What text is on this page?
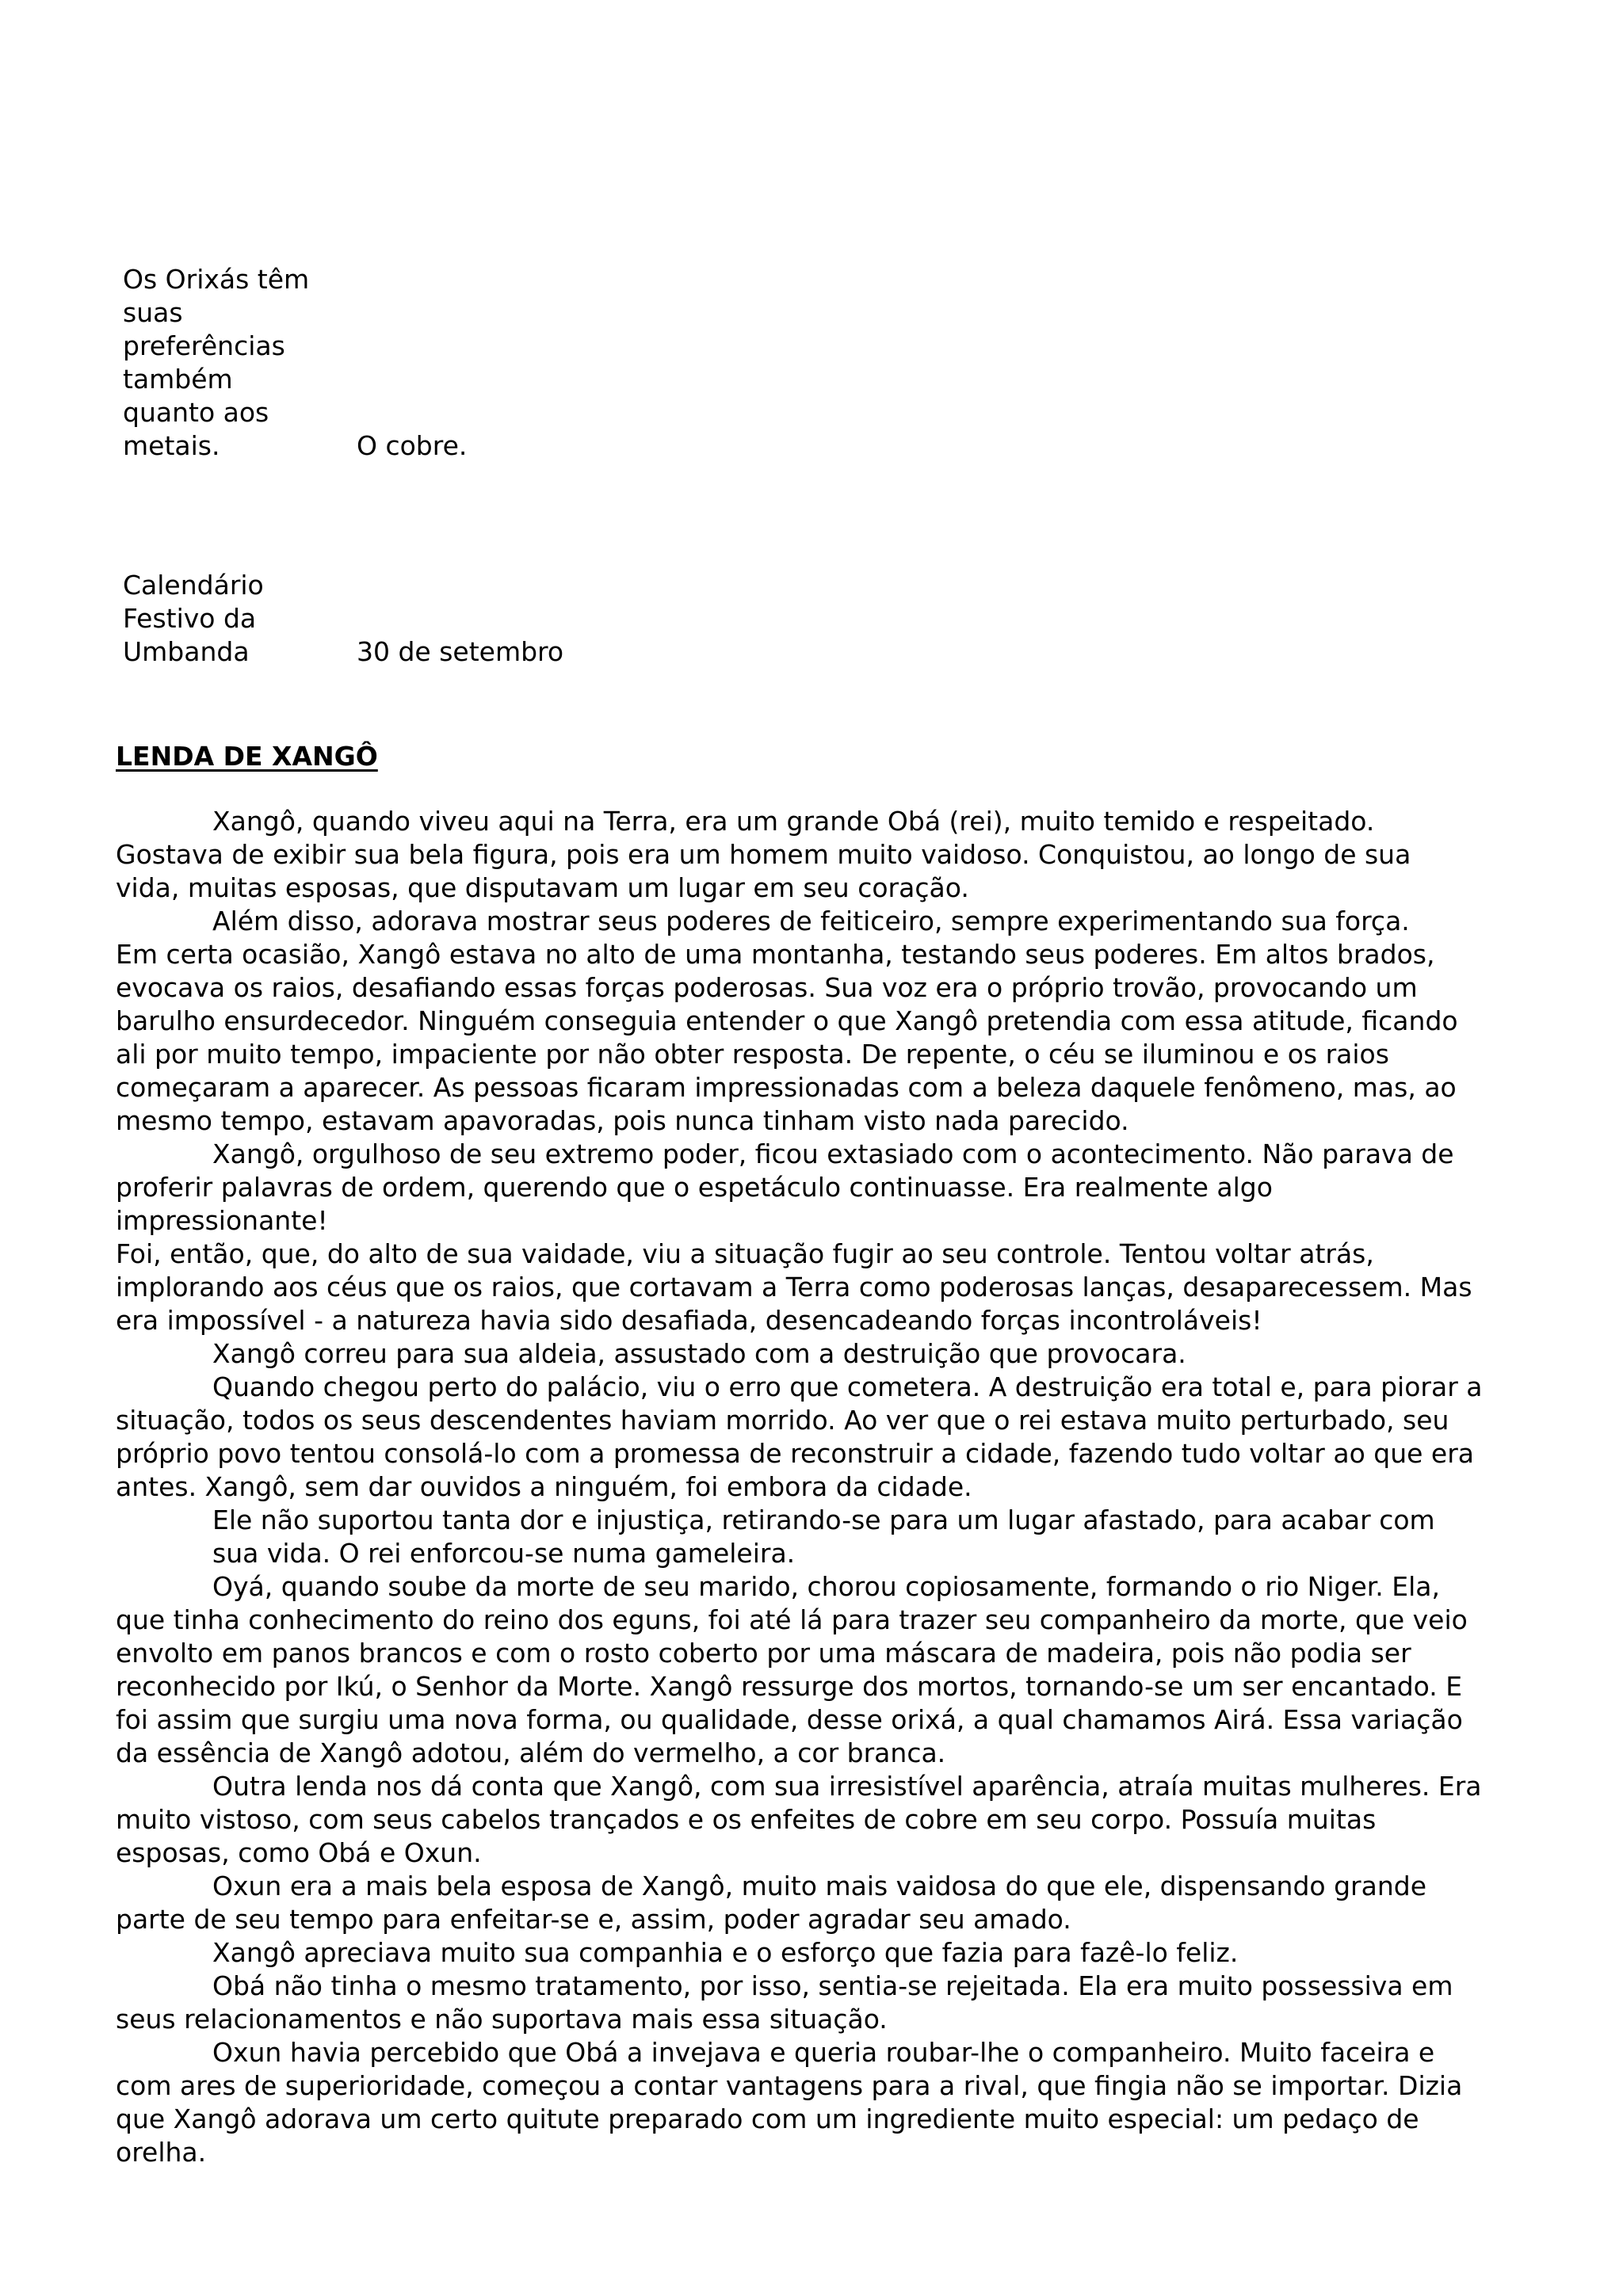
Os Orixás têm
suas
preferências
também
quanto aos
metais.	O cobre.
Calendário
Festivo da
Umbanda	30 de setembro
LENDA DE XANGÔ

Xangô, quando viveu aqui na Terra, era um grande Obá (rei), muito temido e respeitado.

Gostava de exibir sua bela figura, pois era um homem muito vaidoso. Conquistou, ao longo de sua

vida, muitas esposas, que disputavam um lugar em seu coração.

Além disso, adorava mostrar seus poderes de feiticeiro, sempre experimentando sua força.

Em certa ocasião, Xangô estava no alto de uma montanha, testando seus poderes. Em altos brados,

evocava os raios, desafiando essas forças poderosas. Sua voz era o próprio trovão, provocando um

barulho ensurdecedor. Ninguém conseguia entender o que Xangô pretendia com essa atitude, ficando

ali por muito tempo, impaciente por não obter resposta. De repente, o céu se iluminou e os raios

começaram a aparecer. As pessoas ficaram impressionadas com a beleza daquele fenômeno, mas, ao

mesmo tempo, estavam apavoradas, pois nunca tinham visto nada parecido.

Xangô, orgulhoso de seu extremo poder, ficou extasiado com o acontecimento. Não parava de

proferir palavras de ordem, querendo que o espetáculo continuasse. Era realmente algo

impressionante!

Foi, então, que, do alto de sua vaidade, viu a situação fugir ao seu controle. Tentou voltar atrás,

implorando aos céus que os raios, que cortavam a Terra como poderosas lanças, desaparecessem. Mas

era impossível - a natureza havia sido desafiada, desencadeando forças incontroláveis!

Xangô correu para sua aldeia, assustado com a destruição que provocara.

Quando chegou perto do palácio, viu o erro que cometera. A destruição era total e, para piorar a

situação, todos os seus descendentes haviam morrido. Ao ver que o rei estava muito perturbado, seu

próprio povo tentou consolá-lo com a promessa de reconstruir a cidade, fazendo tudo voltar ao que era

antes. Xangô, sem dar ouvidos a ninguém, foi embora da cidade.

Ele não suportou tanta dor e injustiça, retirando-se para um lugar afastado, para acabar com

sua vida. O rei enforcou-se numa gameleira.

Oyá, quando soube da morte de seu marido, chorou copiosamente, formando o rio Niger. Ela,

que tinha conhecimento do reino dos eguns, foi até lá para trazer seu companheiro da morte, que veio

envolto em panos brancos e com o rosto coberto por uma máscara de madeira, pois não podia ser

reconhecido por Ikú, o Senhor da Morte. Xangô ressurge dos mortos, tornando-se um ser encantado. E

foi assim que surgiu uma nova forma, ou qualidade, desse orixá, a qual chamamos Airá. Essa variação

da essência de Xangô adotou, além do vermelho, a cor branca.

Outra lenda nos dá conta que Xangô, com sua irresistível aparência, atraía muitas mulheres. Era

muito vistoso, com seus cabelos trançados e os enfeites de cobre em seu corpo. Possuía muitas

esposas, como Obá e Oxun.

Oxun era a mais bela esposa de Xangô, muito mais vaidosa do que ele, dispensando grande

parte de seu tempo para enfeitar-se e, assim, poder agradar seu amado.

Xangô apreciava muito sua companhia e o esforço que fazia para fazê-lo feliz.

Obá não tinha o mesmo tratamento, por isso, sentia-se rejeitada. Ela era muito possessiva em

seus relacionamentos e não suportava mais essa situação.

Oxun havia percebido que Obá a invejava e queria roubar-lhe o companheiro. Muito faceira e

com ares de superioridade, começou a contar vantagens para a rival, que fingia não se importar. Dizia

que Xangô adorava um certo quitute preparado com um ingrediente muito especial: um pedaço de

orelha.
